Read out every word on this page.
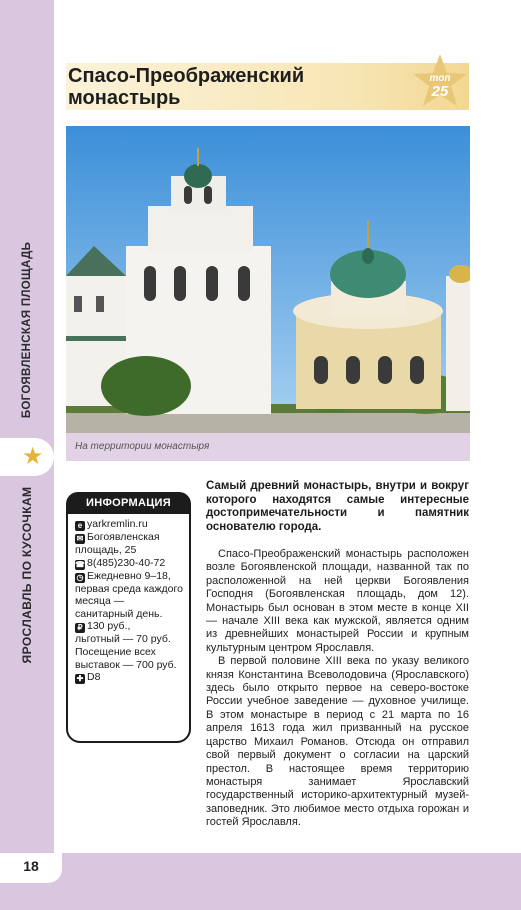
БОГОЯВЛЕНСКАЯ ПЛОЩАДЬ
ЯРОСЛАВЛЬ ПО КУСОЧКАМ
★
Спасо-Преображенский
монастырь
топ
25
На территории монастыря
ИНФОРМАЦИЯ

e yarkremlin.ru

✉ Богоявленская площадь, 25

☎ 8(485)230-40-72

◷ Ежедневно 9–18, первая среда каждого месяца — санитарный день.

₽ 130 руб.,
льготный — 70 руб.
Посещение всех выставок — 700 руб.

✚ D8

Самый древний монастырь, внутри и вокруг которого находятся самые интересные достопримечательности и памятник основателю города.

Спасо-Преображенский монастырь расположен возле Богоявленской площади, названной так по расположенной на ней церкви Богоявления Господня (Богоявленская площадь, дом 12). Монастырь был основан в этом месте в конце XII — начале XIII века как мужской, является одним из древнейших монастырей России и крупным культурным центром Ярославля.

В первой половине XIII века по указу великого князя Константина Всеволодовича (Ярославского) здесь было открыто первое на северо-востоке России учебное заведение — духовное училище. В этом монастыре в период с 21 марта по 16 апреля 1613 года жил призванный на русское царство Михаил Романов. Отсюда он отправил свой первый документ о согласии на царский престол. В настоящее время территорию монастыря занимает Ярославский государственный историко-архитектурный музей-заповедник. Это любимое место отдыха горожан и гостей Ярославля.

18
